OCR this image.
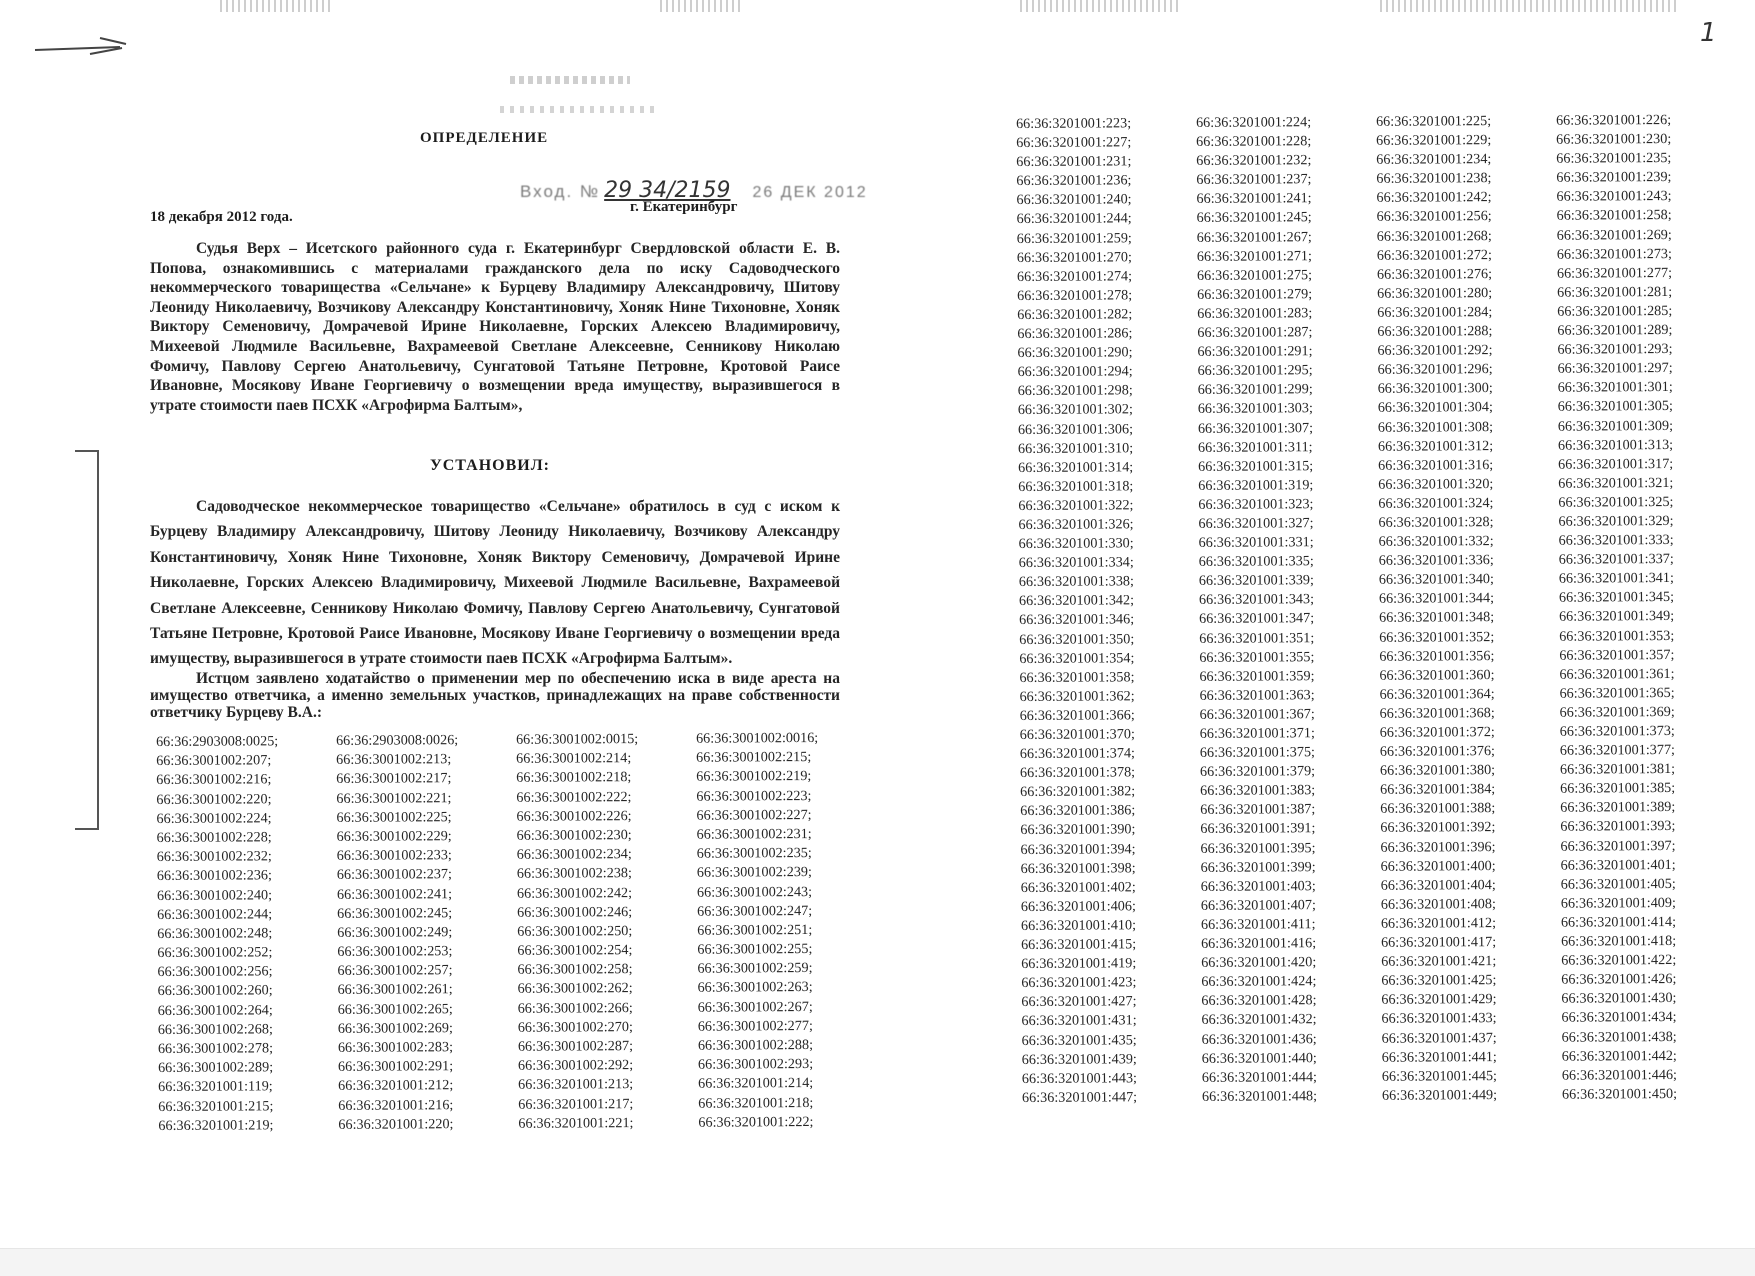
1
ОПРЕДЕЛЕНИЕ
Вход. № 29 34/2159 26 ДЕК 2012
18 декабря 2012 года.
г. Екатеринбург
Судья Верх – Исетского районного суда г. Екатеринбург Свердловской области Е. В. Попова, ознакомившись с материалами гражданского дела по иску Садоводческого некоммерческого товарищества «Сельчане» к Бурцеву Владимиру Александровичу, Шитову Леониду Николаевичу, Возчикову Александру Константиновичу, Хоняк Нине Тихоновне, Хоняк Виктору Семеновичу, Домрачевой Ирине Николаевне, Горских Алексею Владимировичу, Михеевой Людмиле Васильевне, Вахрамеевой Светлане Алексеевне, Сенникову Николаю Фомичу, Павлову Сергею Анатольевичу, Сунгатовой Татьяне Петровне, Кротовой Раисе Ивановне, Мосякову Иване Георгиевичу о возмещении вреда имуществу, выразившегося в утрате стоимости паев ПСХК «Агрофирма Балтым»,
УСТАНОВИЛ:
Садоводческое некоммерческое товарищество «Сельчане» обратилось в суд с иском к Бурцеву Владимиру Александровичу, Шитову Леониду Николаевичу, Возчикову Александру Константиновичу, Хоняк Нине Тихоновне, Хоняк Виктору Семеновичу, Домрачевой Ирине Николаевне, Горских Алексею Владимировичу, Михеевой Людмиле Васильевне, Вахрамеевой Светлане Алексеевне, Сенникову Николаю Фомичу, Павлову Сергею Анатольевичу, Сунгатовой Татьяне Петровне, Кротовой Раисе Ивановне, Мосякову Иване Георгиевичу о возмещении вреда имуществу, выразившегося в утрате стоимости паев ПСХК «Агрофирма Балтым».
Истцом заявлено ходатайство о применении мер по обеспечению иска в виде ареста на имущество ответчика, а именно земельных участков, принадлежащих на праве собственности ответчику Бурцеву В.А.:
66:36:2903008:0025;	66:36:2903008:0026;	66:36:3001002:0015;	66:36:3001002:0016;
66:36:3001002:207;	66:36:3001002:213;	66:36:3001002:214;	66:36:3001002:215;
66:36:3001002:216;	66:36:3001002:217;	66:36:3001002:218;	66:36:3001002:219;
66:36:3001002:220;	66:36:3001002:221;	66:36:3001002:222;	66:36:3001002:223;
66:36:3001002:224;	66:36:3001002:225;	66:36:3001002:226;	66:36:3001002:227;
66:36:3001002:228;	66:36:3001002:229;	66:36:3001002:230;	66:36:3001002:231;
66:36:3001002:232;	66:36:3001002:233;	66:36:3001002:234;	66:36:3001002:235;
66:36:3001002:236;	66:36:3001002:237;	66:36:3001002:238;	66:36:3001002:239;
66:36:3001002:240;	66:36:3001002:241;	66:36:3001002:242;	66:36:3001002:243;
66:36:3001002:244;	66:36:3001002:245;	66:36:3001002:246;	66:36:3001002:247;
66:36:3001002:248;	66:36:3001002:249;	66:36:3001002:250;	66:36:3001002:251;
66:36:3001002:252;	66:36:3001002:253;	66:36:3001002:254;	66:36:3001002:255;
66:36:3001002:256;	66:36:3001002:257;	66:36:3001002:258;	66:36:3001002:259;
66:36:3001002:260;	66:36:3001002:261;	66:36:3001002:262;	66:36:3001002:263;
66:36:3001002:264;	66:36:3001002:265;	66:36:3001002:266;	66:36:3001002:267;
66:36:3001002:268;	66:36:3001002:269;	66:36:3001002:270;	66:36:3001002:277;
66:36:3001002:278;	66:36:3001002:283;	66:36:3001002:287;	66:36:3001002:288;
66:36:3001002:289;	66:36:3001002:291;	66:36:3001002:292;	66:36:3001002:293;
66:36:3201001:119;	66:36:3201001:212;	66:36:3201001:213;	66:36:3201001:214;
66:36:3201001:215;	66:36:3201001:216;	66:36:3201001:217;	66:36:3201001:218;
66:36:3201001:219;	66:36:3201001:220;	66:36:3201001:221;	66:36:3201001:222;
66:36:3201001:223;	66:36:3201001:224;	66:36:3201001:225;	66:36:3201001:226;
66:36:3201001:227;	66:36:3201001:228;	66:36:3201001:229;	66:36:3201001:230;
66:36:3201001:231;	66:36:3201001:232;	66:36:3201001:234;	66:36:3201001:235;
66:36:3201001:236;	66:36:3201001:237;	66:36:3201001:238;	66:36:3201001:239;
66:36:3201001:240;	66:36:3201001:241;	66:36:3201001:242;	66:36:3201001:243;
66:36:3201001:244;	66:36:3201001:245;	66:36:3201001:256;	66:36:3201001:258;
66:36:3201001:259;	66:36:3201001:267;	66:36:3201001:268;	66:36:3201001:269;
66:36:3201001:270;	66:36:3201001:271;	66:36:3201001:272;	66:36:3201001:273;
66:36:3201001:274;	66:36:3201001:275;	66:36:3201001:276;	66:36:3201001:277;
66:36:3201001:278;	66:36:3201001:279;	66:36:3201001:280;	66:36:3201001:281;
66:36:3201001:282;	66:36:3201001:283;	66:36:3201001:284;	66:36:3201001:285;
66:36:3201001:286;	66:36:3201001:287;	66:36:3201001:288;	66:36:3201001:289;
66:36:3201001:290;	66:36:3201001:291;	66:36:3201001:292;	66:36:3201001:293;
66:36:3201001:294;	66:36:3201001:295;	66:36:3201001:296;	66:36:3201001:297;
66:36:3201001:298;	66:36:3201001:299;	66:36:3201001:300;	66:36:3201001:301;
66:36:3201001:302;	66:36:3201001:303;	66:36:3201001:304;	66:36:3201001:305;
66:36:3201001:306;	66:36:3201001:307;	66:36:3201001:308;	66:36:3201001:309;
66:36:3201001:310;	66:36:3201001:311;	66:36:3201001:312;	66:36:3201001:313;
66:36:3201001:314;	66:36:3201001:315;	66:36:3201001:316;	66:36:3201001:317;
66:36:3201001:318;	66:36:3201001:319;	66:36:3201001:320;	66:36:3201001:321;
66:36:3201001:322;	66:36:3201001:323;	66:36:3201001:324;	66:36:3201001:325;
66:36:3201001:326;	66:36:3201001:327;	66:36:3201001:328;	66:36:3201001:329;
66:36:3201001:330;	66:36:3201001:331;	66:36:3201001:332;	66:36:3201001:333;
66:36:3201001:334;	66:36:3201001:335;	66:36:3201001:336;	66:36:3201001:337;
66:36:3201001:338;	66:36:3201001:339;	66:36:3201001:340;	66:36:3201001:341;
66:36:3201001:342;	66:36:3201001:343;	66:36:3201001:344;	66:36:3201001:345;
66:36:3201001:346;	66:36:3201001:347;	66:36:3201001:348;	66:36:3201001:349;
66:36:3201001:350;	66:36:3201001:351;	66:36:3201001:352;	66:36:3201001:353;
66:36:3201001:354;	66:36:3201001:355;	66:36:3201001:356;	66:36:3201001:357;
66:36:3201001:358;	66:36:3201001:359;	66:36:3201001:360;	66:36:3201001:361;
66:36:3201001:362;	66:36:3201001:363;	66:36:3201001:364;	66:36:3201001:365;
66:36:3201001:366;	66:36:3201001:367;	66:36:3201001:368;	66:36:3201001:369;
66:36:3201001:370;	66:36:3201001:371;	66:36:3201001:372;	66:36:3201001:373;
66:36:3201001:374;	66:36:3201001:375;	66:36:3201001:376;	66:36:3201001:377;
66:36:3201001:378;	66:36:3201001:379;	66:36:3201001:380;	66:36:3201001:381;
66:36:3201001:382;	66:36:3201001:383;	66:36:3201001:384;	66:36:3201001:385;
66:36:3201001:386;	66:36:3201001:387;	66:36:3201001:388;	66:36:3201001:389;
66:36:3201001:390;	66:36:3201001:391;	66:36:3201001:392;	66:36:3201001:393;
66:36:3201001:394;	66:36:3201001:395;	66:36:3201001:396;	66:36:3201001:397;
66:36:3201001:398;	66:36:3201001:399;	66:36:3201001:400;	66:36:3201001:401;
66:36:3201001:402;	66:36:3201001:403;	66:36:3201001:404;	66:36:3201001:405;
66:36:3201001:406;	66:36:3201001:407;	66:36:3201001:408;	66:36:3201001:409;
66:36:3201001:410;	66:36:3201001:411;	66:36:3201001:412;	66:36:3201001:414;
66:36:3201001:415;	66:36:3201001:416;	66:36:3201001:417;	66:36:3201001:418;
66:36:3201001:419;	66:36:3201001:420;	66:36:3201001:421;	66:36:3201001:422;
66:36:3201001:423;	66:36:3201001:424;	66:36:3201001:425;	66:36:3201001:426;
66:36:3201001:427;	66:36:3201001:428;	66:36:3201001:429;	66:36:3201001:430;
66:36:3201001:431;	66:36:3201001:432;	66:36:3201001:433;	66:36:3201001:434;
66:36:3201001:435;	66:36:3201001:436;	66:36:3201001:437;	66:36:3201001:438;
66:36:3201001:439;	66:36:3201001:440;	66:36:3201001:441;	66:36:3201001:442;
66:36:3201001:443;	66:36:3201001:444;	66:36:3201001:445;	66:36:3201001:446;
66:36:3201001:447;	66:36:3201001:448;	66:36:3201001:449;	66:36:3201001:450;
